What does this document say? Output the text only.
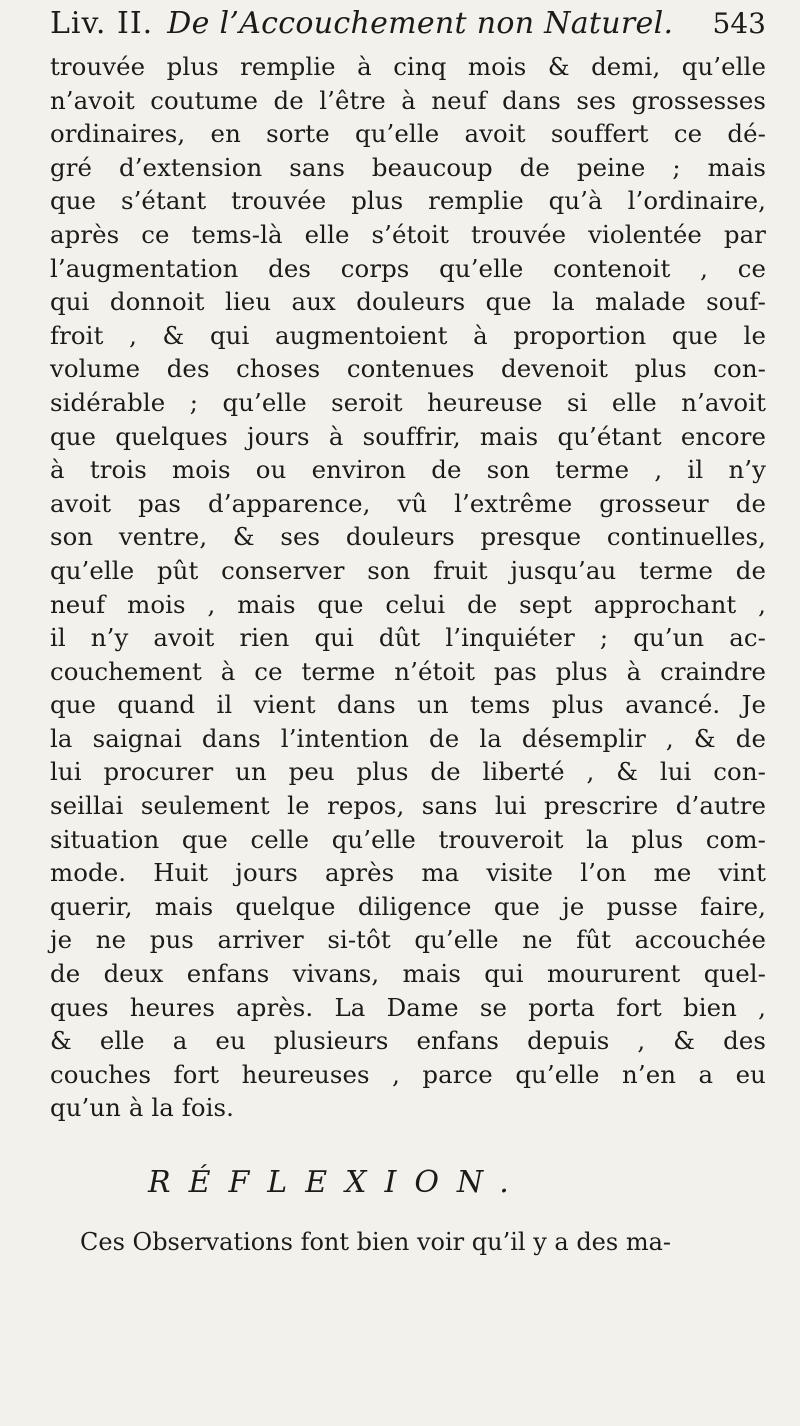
Liv. II. De l’Accouchement non Naturel.	543
trouvée plus remplie à cinq mois & demi, qu’elle
n’avoit coutume de l’être à neuf dans ses grossesses
ordinaires, en sorte qu’elle avoit souffert ce dé-
gré d’extension sans beaucoup de peine ; mais
que s’étant trouvée plus remplie qu’à l’ordinaire,
après ce tems-là elle s’étoit trouvée violentée par
l’augmentation des corps qu’elle contenoit , ce
qui donnoit lieu aux douleurs que la malade souf-
froit , & qui augmentoient à proportion que le
volume des choses contenues devenoit plus con-
sidérable ; qu’elle seroit heureuse si elle n’avoit
que quelques jours à souffrir, mais qu’étant encore
à trois mois ou environ de son terme , il n’y
avoit pas d’apparence, vû l’extrême grosseur de
son ventre, & ses douleurs presque continuelles,
qu’elle pût conserver son fruit jusqu’au terme de
neuf mois , mais que celui de sept approchant ,
il n’y avoit rien qui dût l’inquiéter ; qu’un ac-
couchement à ce terme n’étoit pas plus à craindre
que quand il vient dans un tems plus avancé. Je
la saignai dans l’intention de la désemplir , & de
lui procurer un peu plus de liberté , & lui con-
seillai seulement le repos, sans lui prescrire d’autre
situation que celle qu’elle trouveroit la plus com-
mode. Huit jours après ma visite l’on me vint
querir, mais quelque diligence que je pusse faire,
je ne pus arriver si-tôt qu’elle ne fût accouchée
de deux enfans vivans, mais qui moururent quel-
ques heures après. La Dame se porta fort bien ,
& elle a eu plusieurs enfans depuis , & des
couches fort heureuses , parce qu’elle n’en a eu
qu’un à la fois.
RÉFLEXION.
Ces Observations font bien voir qu’il y a des ma-
